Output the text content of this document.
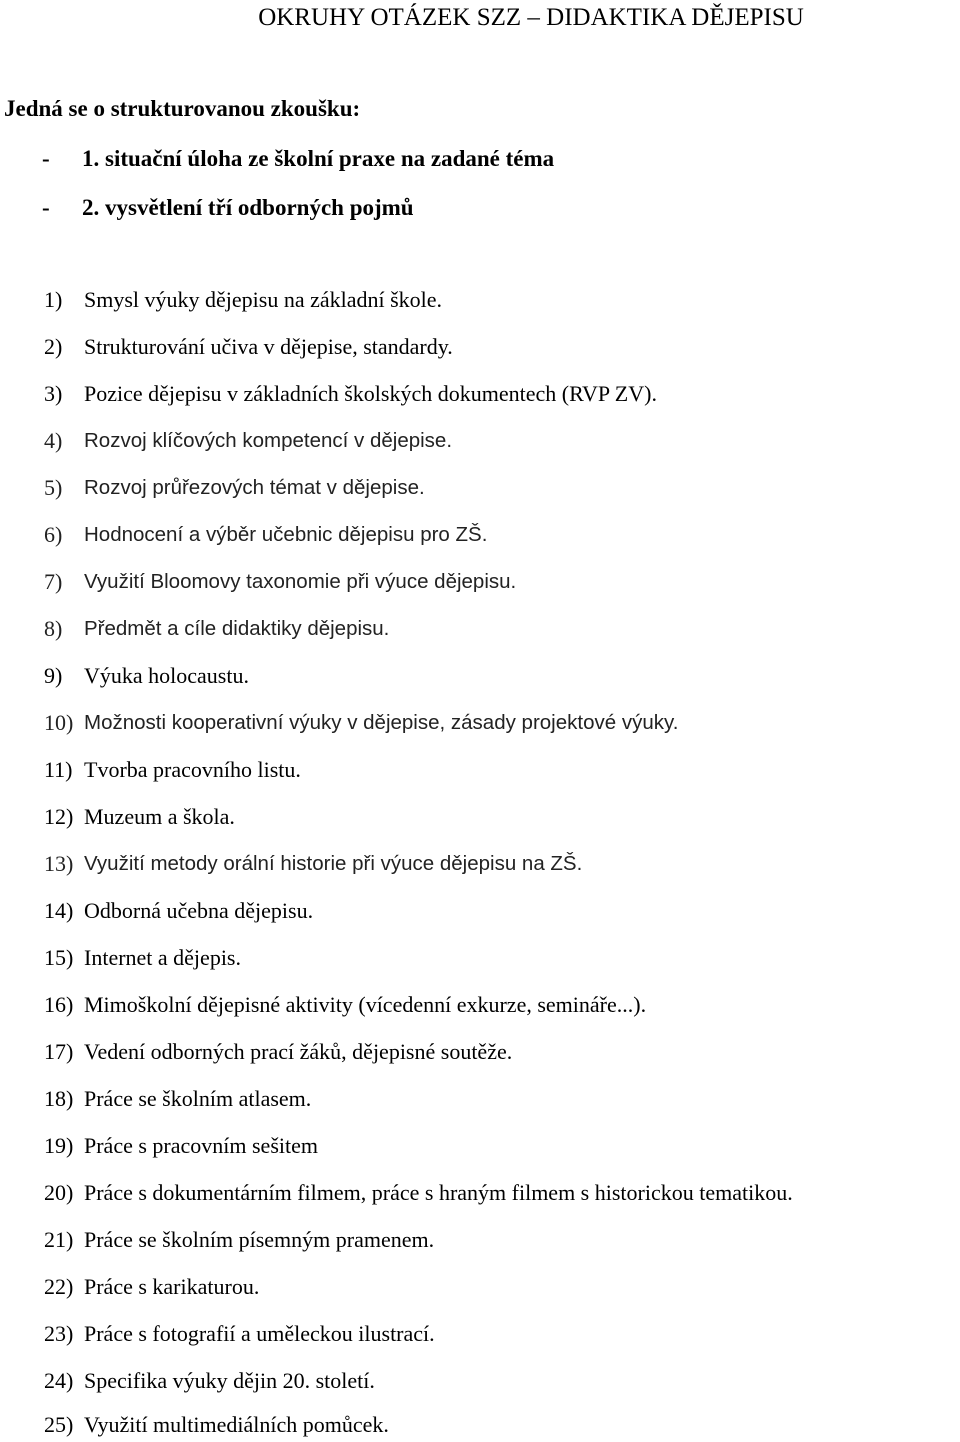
OKRUHY OTÁZEK SZZ – DIDAKTIKA DĚJEPISU

Jedná se o strukturovanou zkoušku:

- 1. situační úloha ze školní praxe na zadané téma
- 2. vysvětlení tří odborných pojmů
1) Smysl výuky dějepisu na základní škole.
2) Strukturování učiva v dějepise, standardy.
3) Pozice dějepisu v základních školských dokumentech (RVP ZV).
4) Rozvoj klíčových kompetencí v dějepise.
5) Rozvoj průřezových témat v dějepise.
6) Hodnocení a výběr učebnic dějepisu pro ZŠ.
7) Využití Bloomovy taxonomie při výuce dějepisu.
8) Předmět a cíle didaktiky dějepisu.
9) Výuka holocaustu.
10) Možnosti kooperativní výuky v dějepise, zásady projektové výuky.
11) Tvorba pracovního listu.
12) Muzeum a škola.
13) Využití metody orální historie při výuce dějepisu na ZŠ.
14) Odborná učebna dějepisu.
15) Internet a dějepis.
16) Mimoškolní dějepisné aktivity (vícedenní exkurze, semináře...).
17) Vedení odborných prací žáků, dějepisné soutěže.
18) Práce se školním atlasem.
19) Práce s pracovním sešitem
20) Práce s dokumentárním filmem, práce s hraným filmem s historickou tematikou.
21) Práce se školním písemným pramenem.
22) Práce s karikaturou.
23) Práce s fotografií a uměleckou ilustrací.
24) Specifika výuky dějin 20. století.
25) Využití multimediálních pomůcek.
